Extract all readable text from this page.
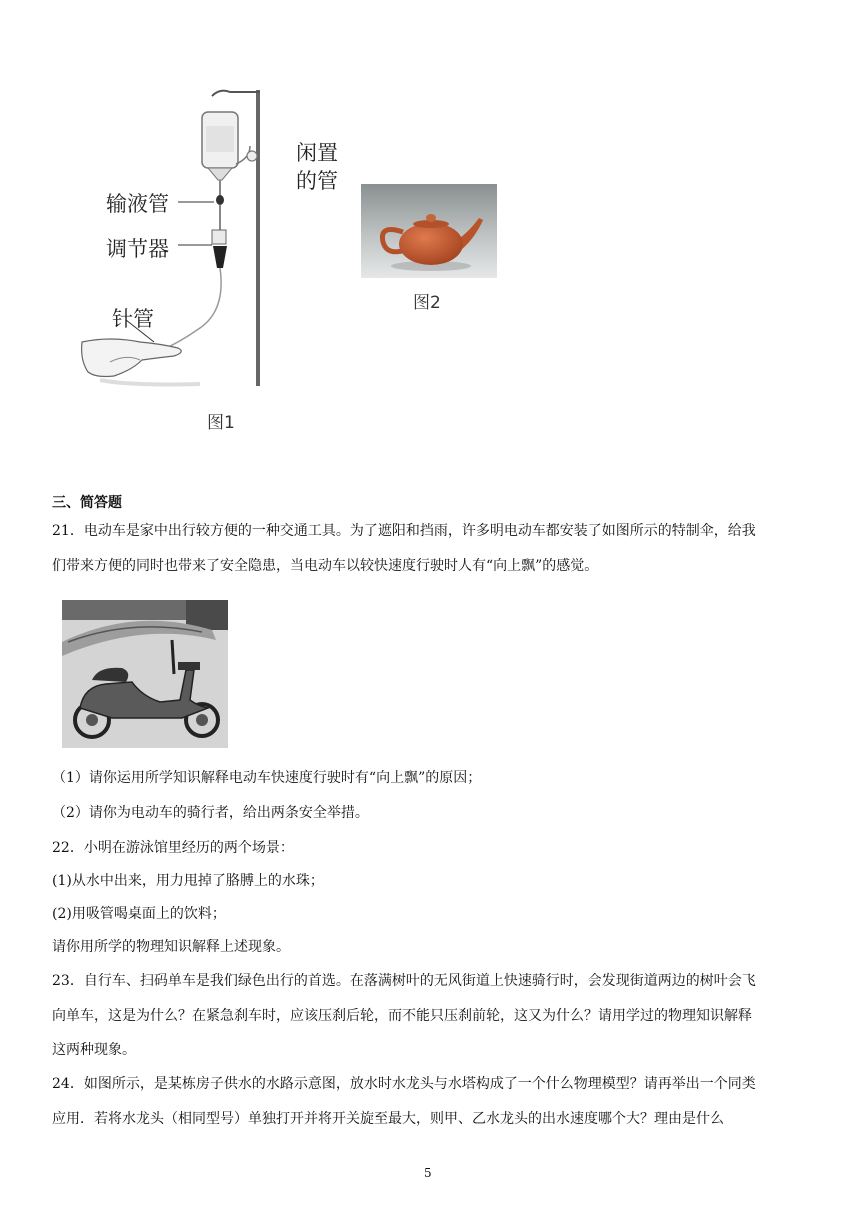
闲置
的管
输液管
调节器
针管
图1
图2
三、简答题
21．电动车是家中出行较方便的一种交通工具。为了遮阳和挡雨，许多明电动车都安装了如图所示的特制伞，给我
们带来方便的同时也带来了安全隐患，当电动车以较快速度行驶时人有“向上飘”的感觉。
（1）请你运用所学知识解释电动车快速度行驶时有“向上飘”的原因；
（2）请你为电动车的骑行者，给出两条安全举措。
22．小明在游泳馆里经历的两个场景：
(1)从水中出来，用力甩掉了胳膊上的水珠；
(2)用吸管喝桌面上的饮料；
请你用所学的物理知识解释上述现象。
23．自行车、扫码单车是我们绿色出行的首选。在落满树叶的无风街道上快速骑行时，会发现街道两边的树叶会飞
向单车，这是为什么？在紧急刹车时，应该压刹后轮，而不能只压刹前轮，这又为什么？请用学过的物理知识解释
这两种现象。
24．如图所示，是某栋房子供水的水路示意图，放水时水龙头与水塔构成了一个什么物理模型？请再举出一个同类
应用．若将水龙头（相同型号）单独打开并将开关旋至最大，则甲、乙水龙头的出水速度哪个大？理由是什么
5
